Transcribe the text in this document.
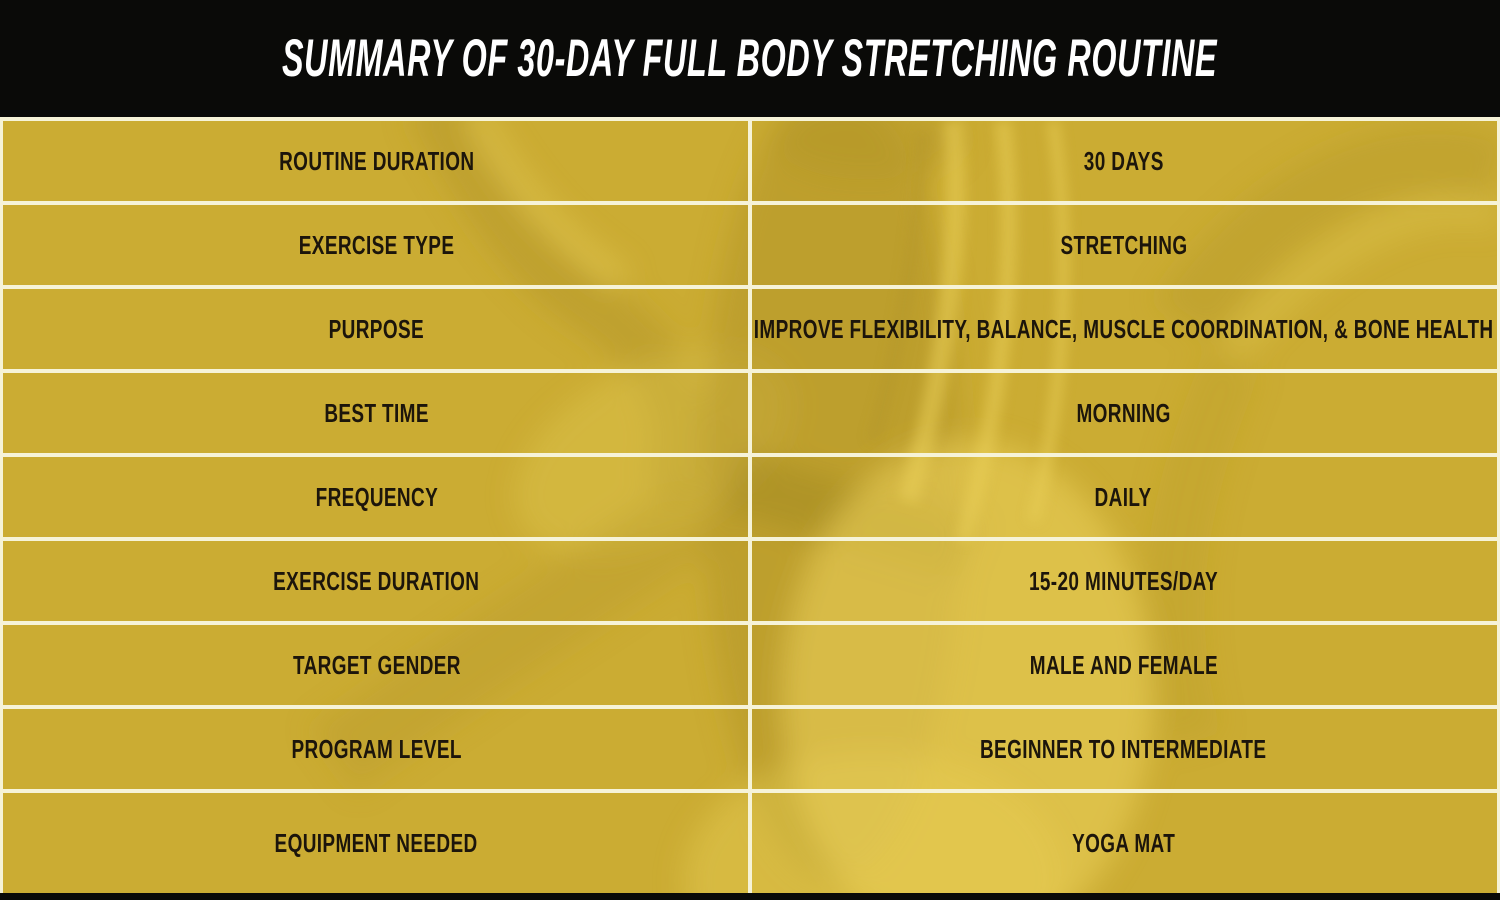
SUMMARY OF 30-DAY FULL BODY STRETCHING ROUTINE
ROUTINE DURATION	30 DAYS
EXERCISE TYPE	STRETCHING
PURPOSE	IMPROVE FLEXIBILITY, BALANCE, MUSCLE COORDINATION, & BONE HEALTH
BEST TIME	MORNING
FREQUENCY	DAILY
EXERCISE DURATION	15-20 MINUTES/DAY
TARGET GENDER	MALE AND FEMALE
PROGRAM LEVEL	BEGINNER TO INTERMEDIATE
EQUIPMENT NEEDED	YOGA MAT
